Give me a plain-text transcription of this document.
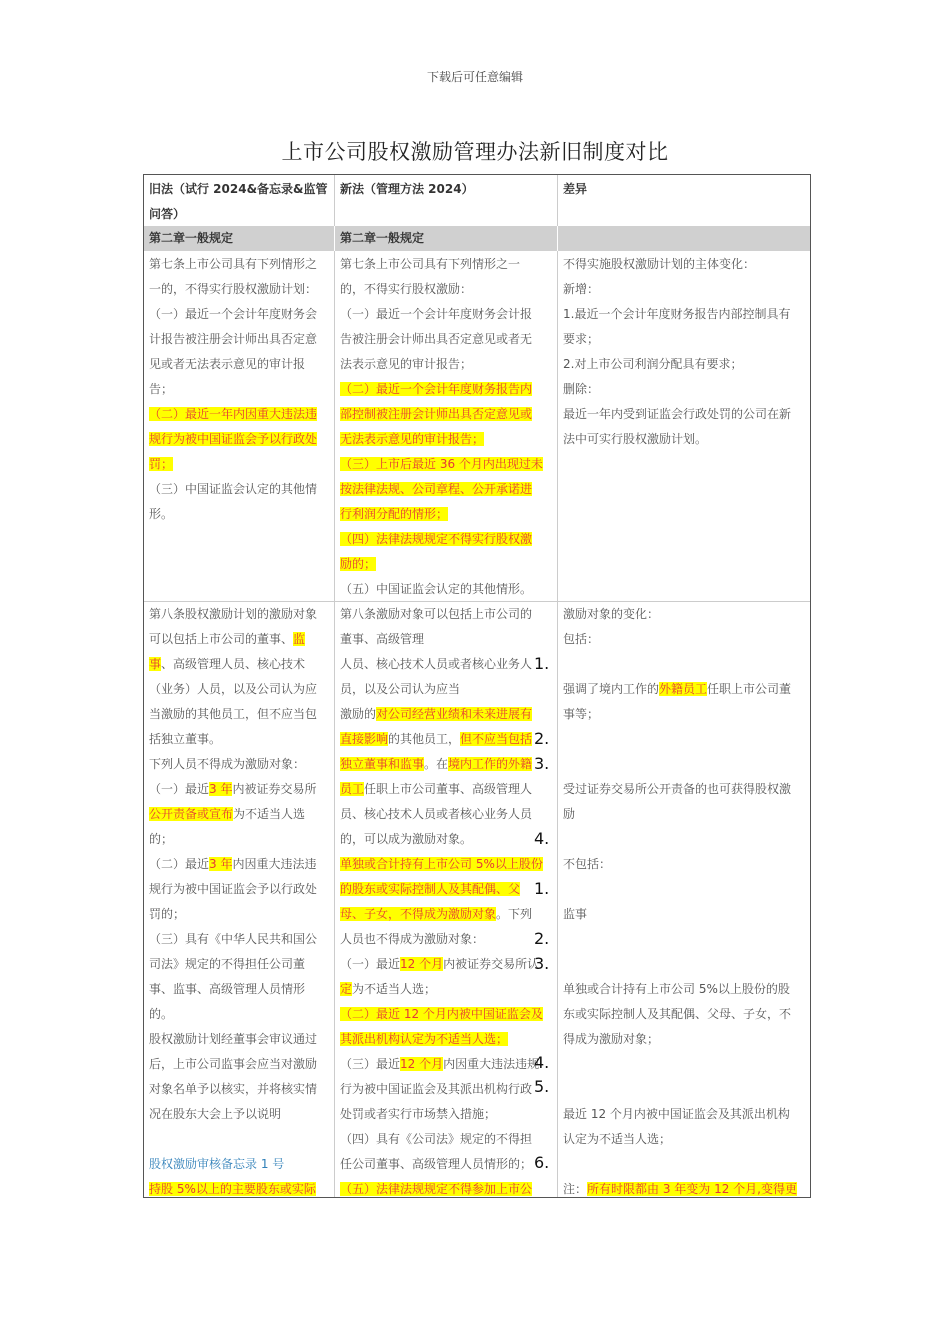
下载后可任意编辑
上市公司股权激励管理办法新旧制度对比
旧法（试行 2024&备忘录&监管
问答）
新法（管理方法 2024）	差异
第二章一般规定	第二章一般规定
第七条上市公司具有下列情形之
一的，不得实行股权激励计划：
（一）最近一个会计年度财务会
计报告被注册会计师出具否定意
见或者无法表示意见的审计报
告；
（二）最近一年内因重大违法违
规行为被中国证监会予以行政处
罚；
（三）中国证监会认定的其他情
形。
第七条上市公司具有下列情形之一
的，不得实行股权激励：
（一）最近一个会计年度财务会计报
告被注册会计师出具否定意见或者无
法表示意见的审计报告；
（二）最近一个会计年度财务报告内
部控制被注册会计师出具否定意见或
无法表示意见的审计报告；
（三）上市后最近 36 个月内出现过未
按法律法规、公司章程、公开承诺进
行利润分配的情形；
（四）法律法规规定不得实行股权激
励的；
（五）中国证监会认定的其他情形。
不得实施股权激励计划的主体变化：
新增：
1.最近一个会计年度财务报告内部控制具有
要求；
2.对上市公司利润分配具有要求；
删除：
最近一年内受到证监会行政处罚的公司在新
法中可实行股权激励计划。
第八条股权激励计划的激励对象
可以包括上市公司的董事、监
事、高级管理人员、核心技术
（业务）人员，以及公司认为应
当激励的其他员工，但不应当包
括独立董事。
下列人员不得成为激励对象：
（一）最近3 年内被证券交易所
公开责备或宣布为不适当人选
的；
（二）最近3 年内因重大违法违
规行为被中国证监会予以行政处
罚的；
（三）具有《中华人民共和国公
司法》规定的不得担任公司董
事、监事、高级管理人员情形
的。
股权激励计划经董事会审议通过
后，上市公司监事会应当对激励
对象名单予以核实，并将核实情
况在股东大会上予以说明
股权激励审核备忘录 1 号
持股 5%以上的主要股东或实际
第八条激励对象可以包括上市公司的
董事、高级管理
人员、核心技术人员或者核心业务人
员，以及公司认为应当
激励的对公司经营业绩和未来进展有
直接影响的其他员工，但不应当包括
独立董事和监事。在境内工作的外籍
员工任职上市公司董事、高级管理人
员、核心技术人员或者核心业务人员
的，可以成为激励对象。
单独或合计持有上市公司 5%以上股份
的股东或实际控制人及其配偶、父
母、子女，不得成为激励对象。下列
人员也不得成为激励对象：
（一）最近12 个月内被证券交易所认
定为不适当人选；
（二）最近 12 个月内被中国证监会及
其派出机构认定为不适当人选；
（三）最近12 个月内因重大违法违规
行为被中国证监会及其派出机构行政
处罚或者实行市场禁入措施；
（四）具有《公司法》规定的不得担
任公司董事、高级管理人员情形的；
（五）法律法规规定不得参加上市公
1.
2.
3.
4.
1.
2.
3.
4.
5.
6.
激励对象的变化：
包括：
强调了境内工作的外籍员工任职上市公司董
事等；
受过证券交易所公开责备的也可获得股权激
励
不包括：
监事
单独或合计持有上市公司 5%以上股份的股
东或实际控制人及其配偶、父母、子女，不
得成为激励对象；
最近 12 个月内被中国证监会及其派出机构
认定为不适当人选；
注：所有时限都由 3 年变为 12 个月,变得更
